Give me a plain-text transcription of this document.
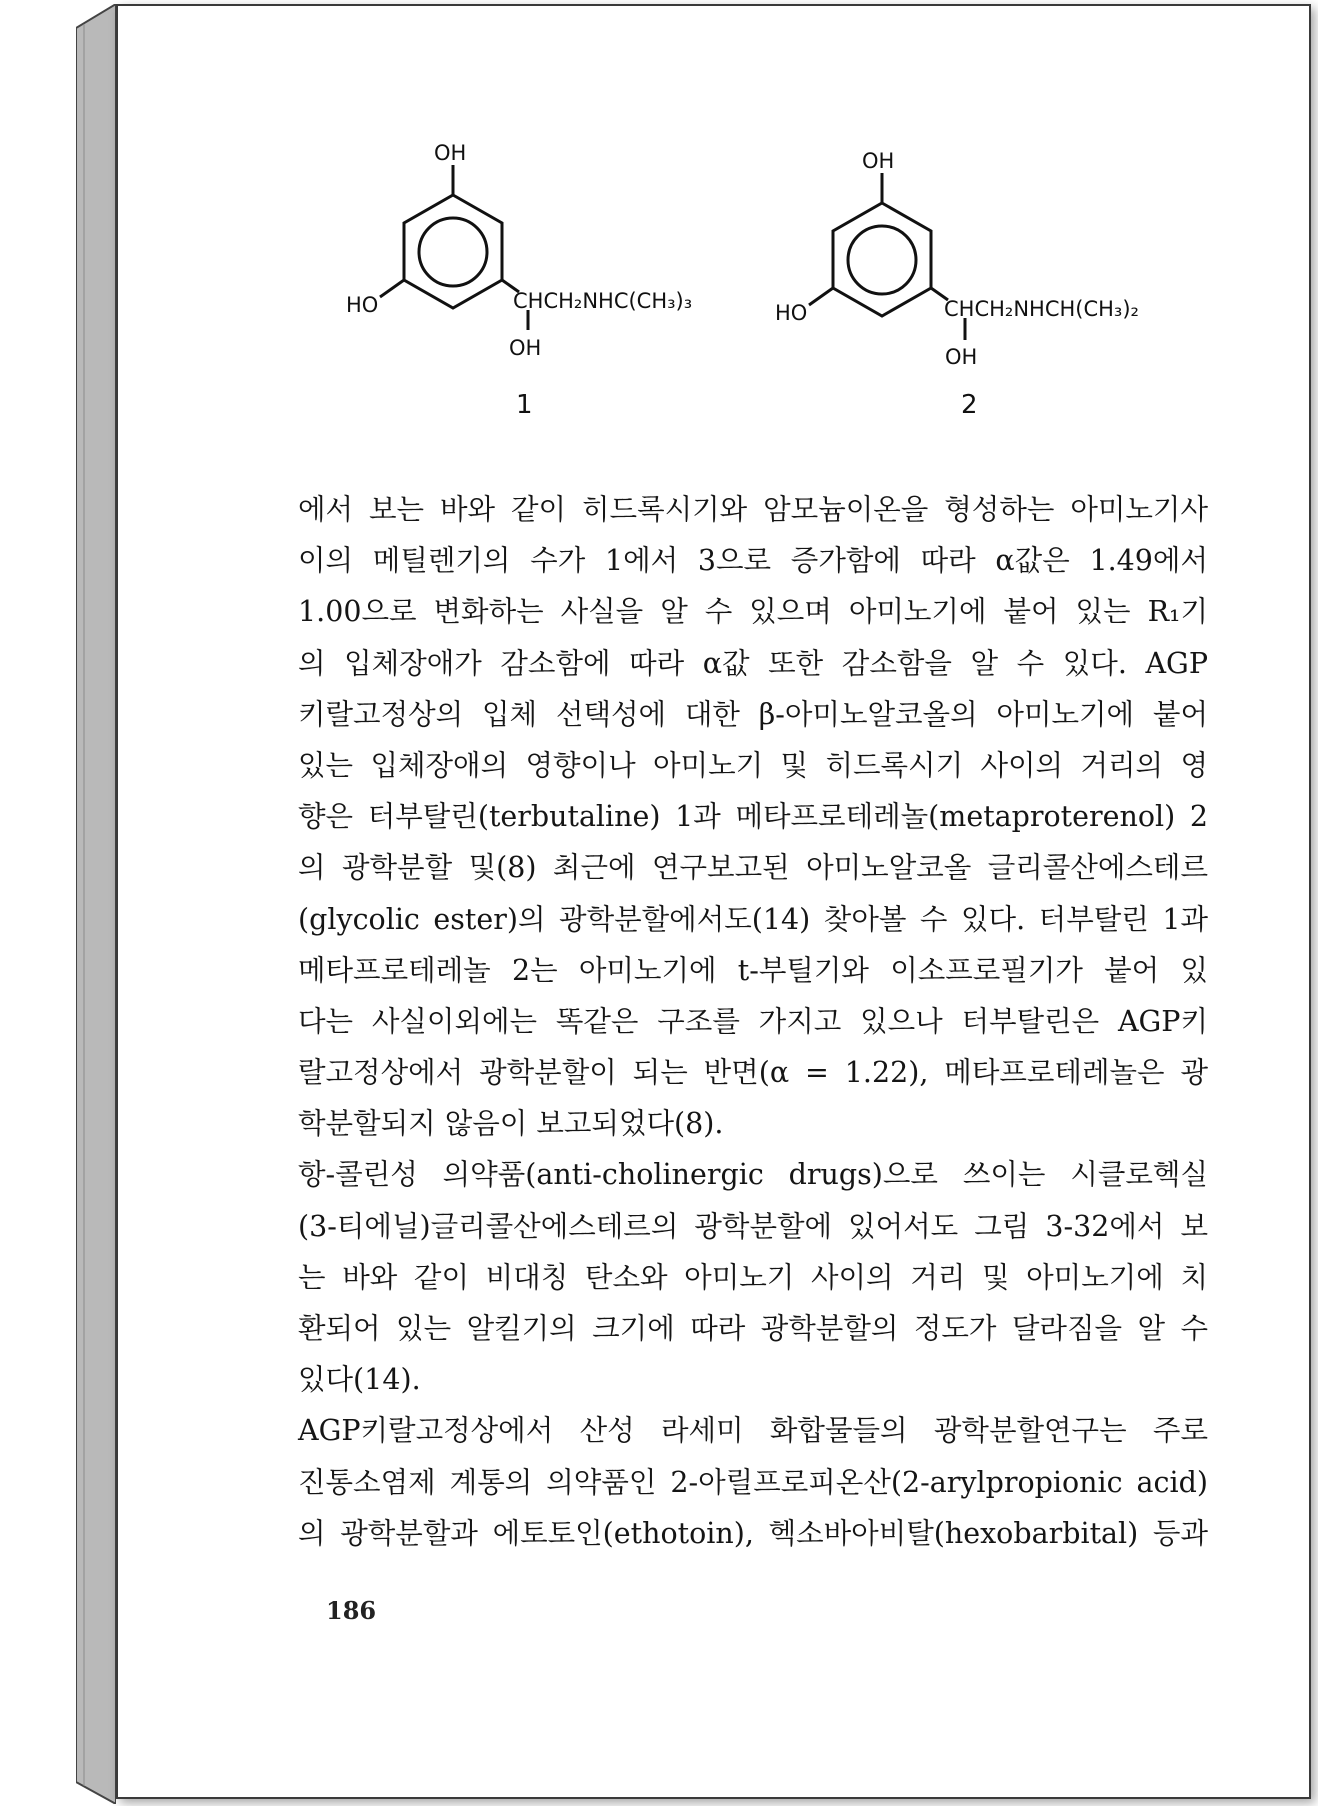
OH
HO	CHCH₂NHC(CH₃)₃
OH
1
OH
HO	CHCH₂NHCH(CH₃)₂
OH
2
에서 보는 바와 같이 히드록시기와 암모늄이온을 형성하는 아미노기사
이의 메틸렌기의 수가 1에서 3으로 증가함에 따라 α값은 1.49에서
1.00으로 변화하는 사실을 알 수 있으며 아미노기에 붙어 있는 R₁기
의 입체장애가 감소함에 따라 α값 또한 감소함을 알 수 있다. AGP
키랄고정상의 입체 선택성에 대한 β-아미노알코올의 아미노기에 붙어
있는 입체장애의 영향이나 아미노기 및 히드록시기 사이의 거리의 영
향은 터부탈린(terbutaline) 1과 메타프로테레놀(metaproterenol) 2
의 광학분할 및(8) 최근에 연구보고된 아미노알코올 글리콜산에스테르
(glycolic ester)의 광학분할에서도(14) 찾아볼 수 있다. 터부탈린 1과
메타프로테레놀 2는 아미노기에 t-부틸기와 이소프로필기가 붙어 있
다는 사실이외에는 똑같은 구조를 가지고 있으나 터부탈린은 AGP키
랄고정상에서 광학분할이 되는 반면(α = 1.22), 메타프로테레놀은 광
학분할되지 않음이 보고되었다(8).
항-콜린성 의약품(anti-cholinergic drugs)으로 쓰이는 시클로헥실
(3-티에닐)글리콜산에스테르의 광학분할에 있어서도 그림 3-32에서 보
는 바와 같이 비대칭 탄소와 아미노기 사이의 거리 및 아미노기에 치
환되어 있는 알킬기의 크기에 따라 광학분할의 정도가 달라짐을 알 수
있다(14).
AGP키랄고정상에서 산성 라세미 화합물들의 광학분할연구는 주로
진통소염제 계통의 의약품인 2-아릴프로피온산(2-arylpropionic acid)
의 광학분할과 에토토인(ethotoin), 헥소바아비탈(hexobarbital) 등과
186
